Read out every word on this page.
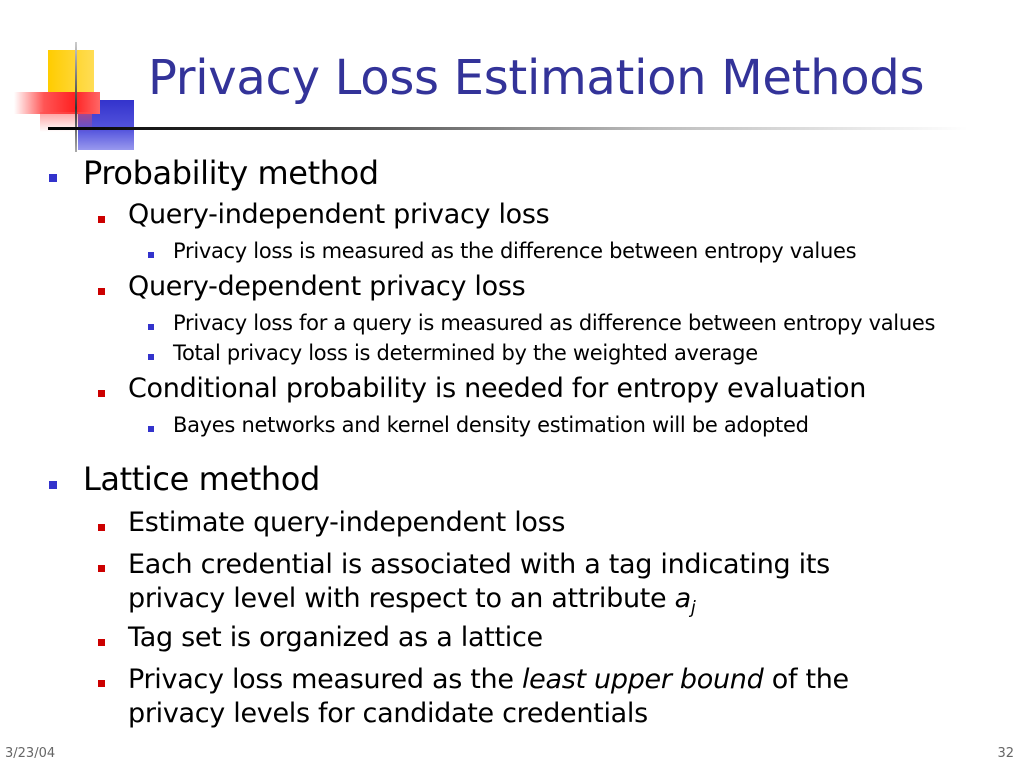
Privacy Loss Estimation Methods
Probability method
Query-independent privacy loss
Privacy loss is measured as the difference between entropy values
Query-dependent privacy loss
Privacy loss for a query is measured as difference between entropy values
Total privacy loss is determined by the weighted average
Conditional probability is needed for entropy evaluation
Bayes networks and kernel density estimation will be adopted
Lattice method
Estimate query-independent loss
Each credential is associated with a tag indicating its
privacy level with respect to an attribute $a_j$
Tag set is organized as a lattice
Privacy loss measured as the least upper bound of the
privacy levels for candidate credentials
3/23/04	32
